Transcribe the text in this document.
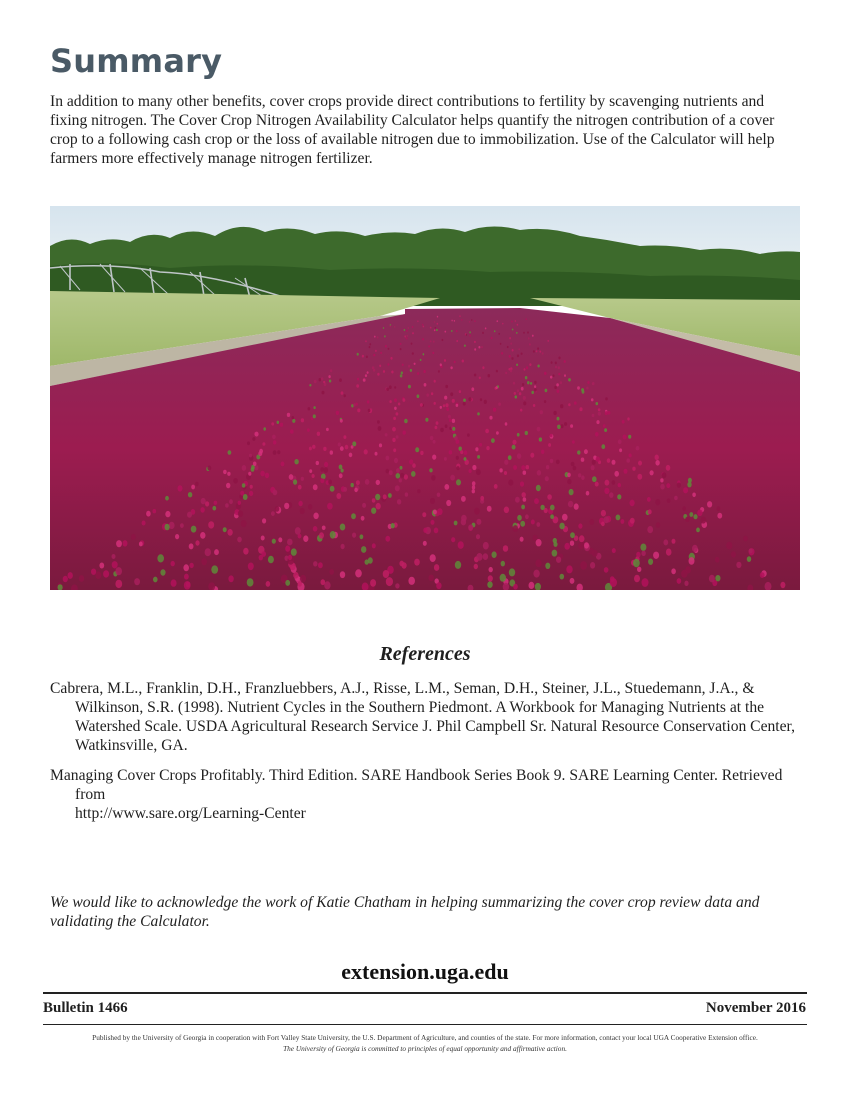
Summary

In addition to many other benefits, cover crops provide direct contributions to fertility by scavenging nutrients and fixing nitrogen. The Cover Crop Nitrogen Availability Calculator helps quantify the nitrogen contribution of a cover crop to a following cash crop or the loss of available nitrogen due to immobilization. Use of the Calculator will help farmers more effectively manage nitrogen fertilizer.

References
Cabrera, M.L., Franklin, D.H., Franzluebbers, A.J., Risse, L.M., Seman, D.H., Steiner, J.L., Stuedemann, J.A., & Wilkinson, S.R. (1998). Nutrient Cycles in the Southern Piedmont. A Workbook for Managing Nutrients at the Watershed Scale. USDA Agricultural Research Service J. Phil Campbell Sr. Natural Resource Conservation Center, Watkinsville, GA.
Managing Cover Crops Profitably. Third Edition. SARE Handbook Series Book 9. SARE Learning Center. Retrieved from
http://www.sare.org/Learning-Center

We would like to acknowledge the work of Katie Chatham in helping summarizing the cover crop review data and validating the Calculator.

extension.uga.edu
Bulletin 1466	November 2016
Published by the University of Georgia in cooperation with Fort Valley State University, the U.S. Department of Agriculture, and counties of the state. For more information, contact your local UGA Cooperative Extension office.
The University of Georgia is committed to principles of equal opportunity and affirmative action.
